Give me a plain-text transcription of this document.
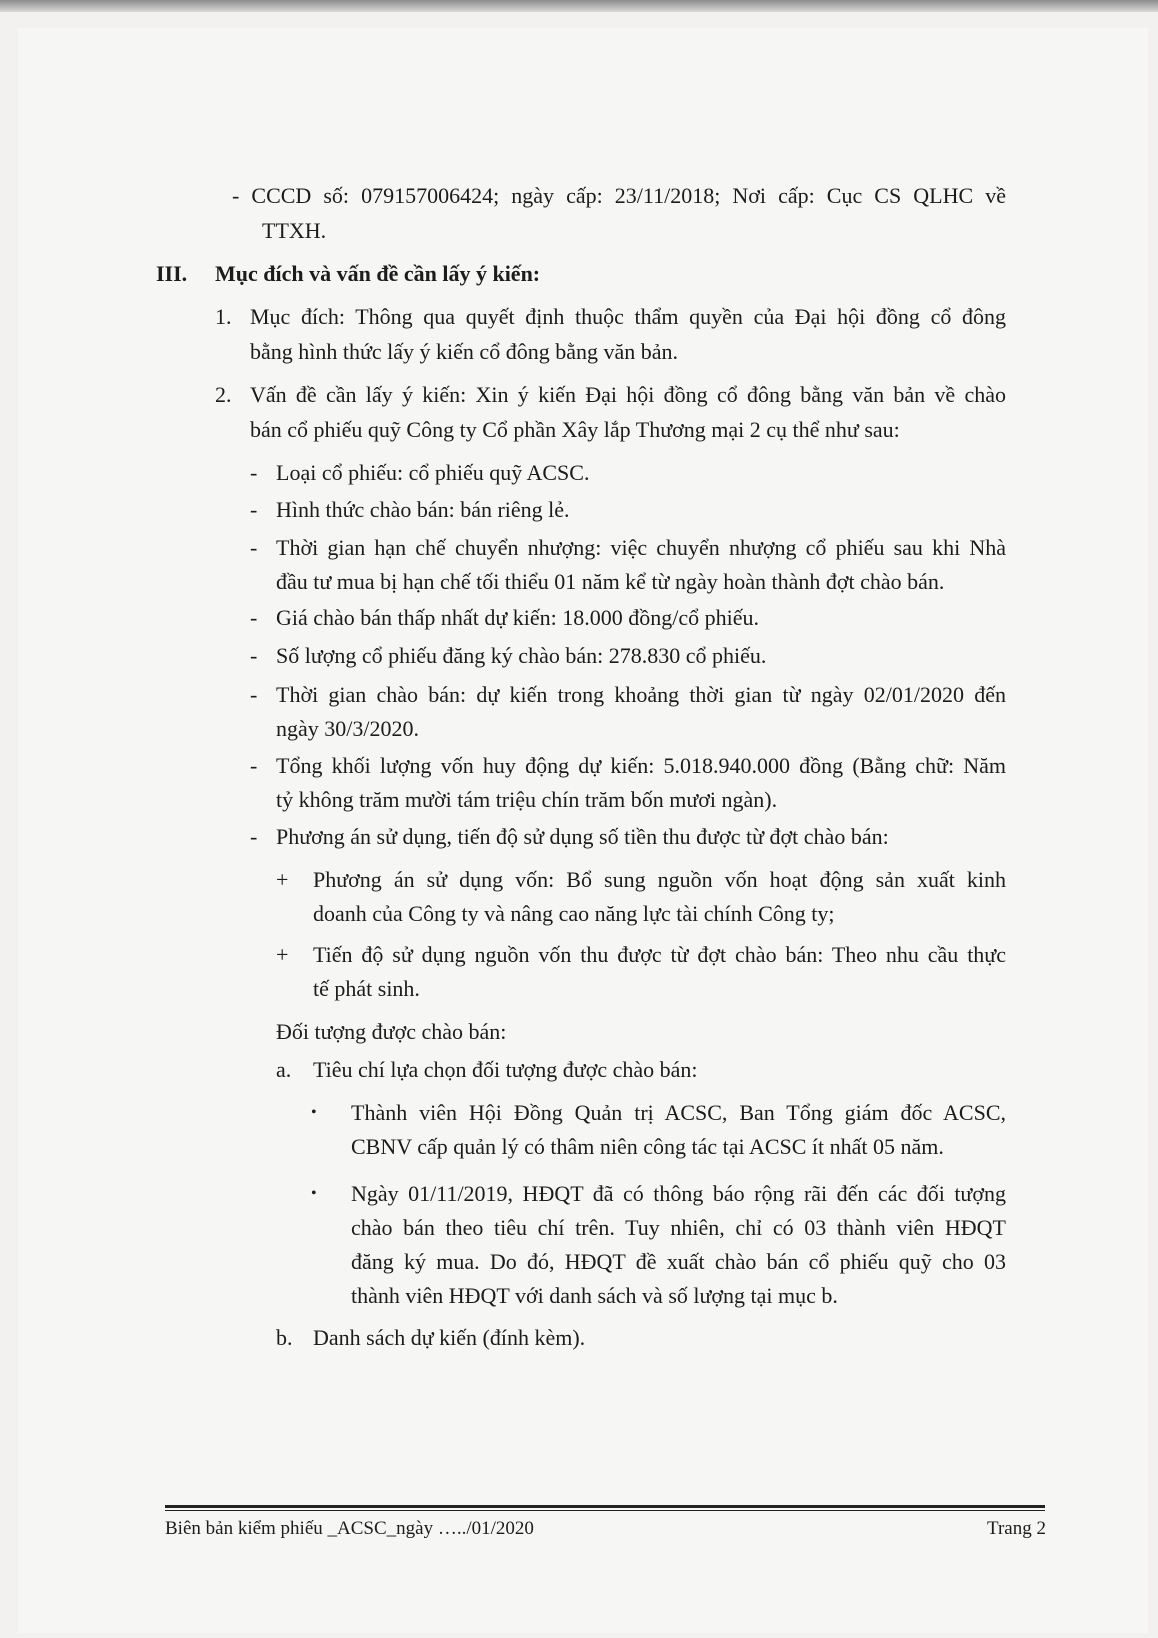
- CCCD số: 079157006424; ngày cấp: 23/11/2018; Nơi cấp: Cục CS QLHC về
TTXH.
III. Mục đích và vấn đề cần lấy ý kiến:
1. Mục đích: Thông qua quyết định thuộc thẩm quyền của Đại hội đồng cổ đông
bằng hình thức lấy ý kiến cổ đông bằng văn bản.
2. Vấn đề cần lấy ý kiến: Xin ý kiến Đại hội đồng cổ đông bằng văn bản về chào
bán cổ phiếu quỹ Công ty Cổ phần Xây lắp Thương mại 2 cụ thể như sau:
- Loại cổ phiếu: cổ phiếu quỹ ACSC.
- Hình thức chào bán: bán riêng lẻ.
- Thời gian hạn chế chuyển nhượng: việc chuyển nhượng cổ phiếu sau khi Nhà
đầu tư mua bị hạn chế tối thiểu 01 năm kể từ ngày hoàn thành đợt chào bán.
- Giá chào bán thấp nhất dự kiến: 18.000 đồng/cổ phiếu.
- Số lượng cổ phiếu đăng ký chào bán: 278.830 cổ phiếu.
- Thời gian chào bán: dự kiến trong khoảng thời gian từ ngày 02/01/2020 đến
ngày 30/3/2020.
- Tổng khối lượng vốn huy động dự kiến: 5.018.940.000 đồng (Bằng chữ: Năm
tỷ không trăm mười tám triệu chín trăm bốn mươi ngàn).
- Phương án sử dụng, tiến độ sử dụng số tiền thu được từ đợt chào bán:
+ Phương án sử dụng vốn: Bổ sung nguồn vốn hoạt động sản xuất kinh
doanh của Công ty và nâng cao năng lực tài chính Công ty;
+ Tiến độ sử dụng nguồn vốn thu được từ đợt chào bán: Theo nhu cầu thực
tế phát sinh.
Đối tượng được chào bán:
a. Tiêu chí lựa chọn đối tượng được chào bán:
• Thành viên Hội Đồng Quản trị ACSC, Ban Tổng giám đốc ACSC,
CBNV cấp quản lý có thâm niên công tác tại ACSC ít nhất 05 năm.
• Ngày 01/11/2019, HĐQT đã có thông báo rộng rãi đến các đối tượng
chào bán theo tiêu chí trên. Tuy nhiên, chỉ có 03 thành viên HĐQT
đăng ký mua. Do đó, HĐQT đề xuất chào bán cổ phiếu quỹ cho 03
thành viên HĐQT với danh sách và số lượng tại mục b.
b. Danh sách dự kiến (đính kèm).
Biên bản kiểm phiếu _ACSC_ngày …../01/2020	Trang 2
